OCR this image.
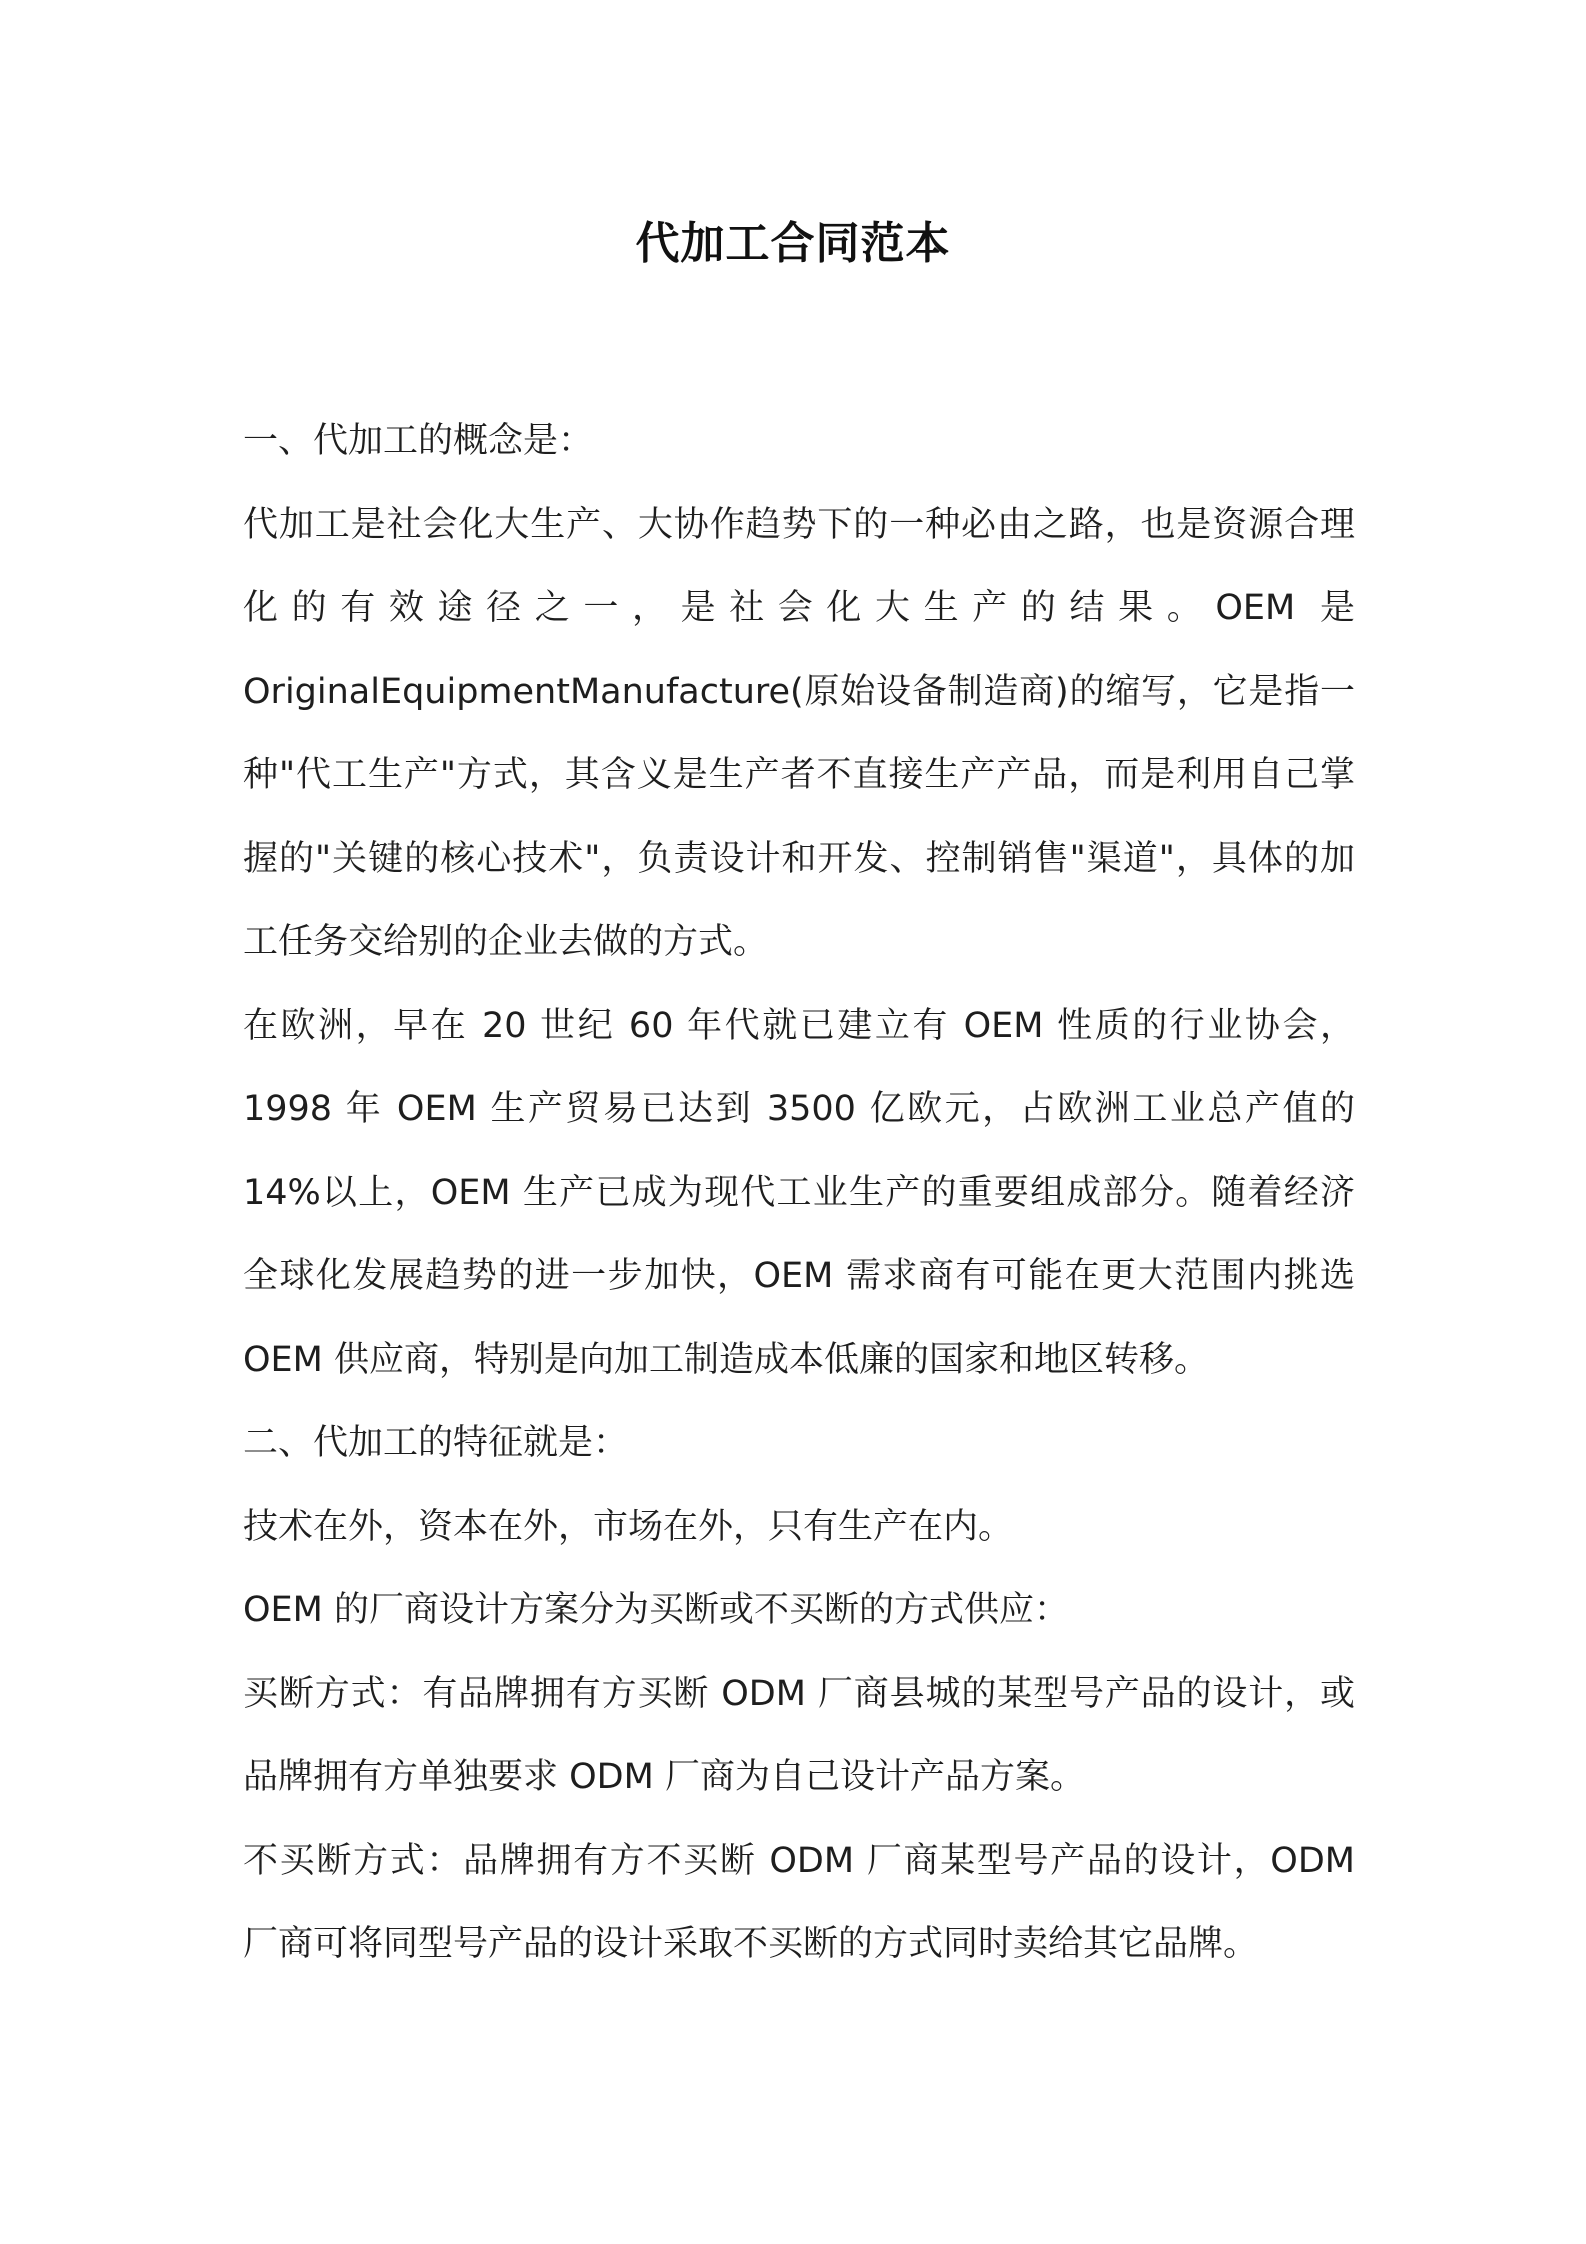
代加工合同范本

一、代加工的概念是：

代加工是社会化大生产、大协作趋势下的一种必由之路，也是资源合理化的有效途径之一，是社会化大生产的结果。OEM 是 OriginalEquipmentManufacture(原始设备制造商)的缩写，它是指一种"代工生产"方式，其含义是生产者不直接生产产品，而是利用自己掌握的"关键的核心技术"，负责设计和开发、控制销售"渠道"，具体的加工任务交给别的企业去做的方式。

在欧洲，早在 20 世纪 60 年代就已建立有 OEM 性质的行业协会，1998 年 OEM 生产贸易已达到 3500 亿欧元，占欧洲工业总产值的 14%以上，OEM 生产已成为现代工业生产的重要组成部分。随着经济全球化发展趋势的进一步加快，OEM 需求商有可能在更大范围内挑选 OEM 供应商，特别是向加工制造成本低廉的国家和地区转移。

二、代加工的特征就是：

技术在外，资本在外，市场在外，只有生产在内。

OEM 的厂商设计方案分为买断或不买断的方式供应：

买断方式：有品牌拥有方买断 ODM 厂商县城的某型号产品的设计，或品牌拥有方单独要求 ODM 厂商为自己设计产品方案。

不买断方式：品牌拥有方不买断 ODM 厂商某型号产品的设计，ODM 厂商可将同型号产品的设计采取不买断的方式同时卖给其它品牌。
